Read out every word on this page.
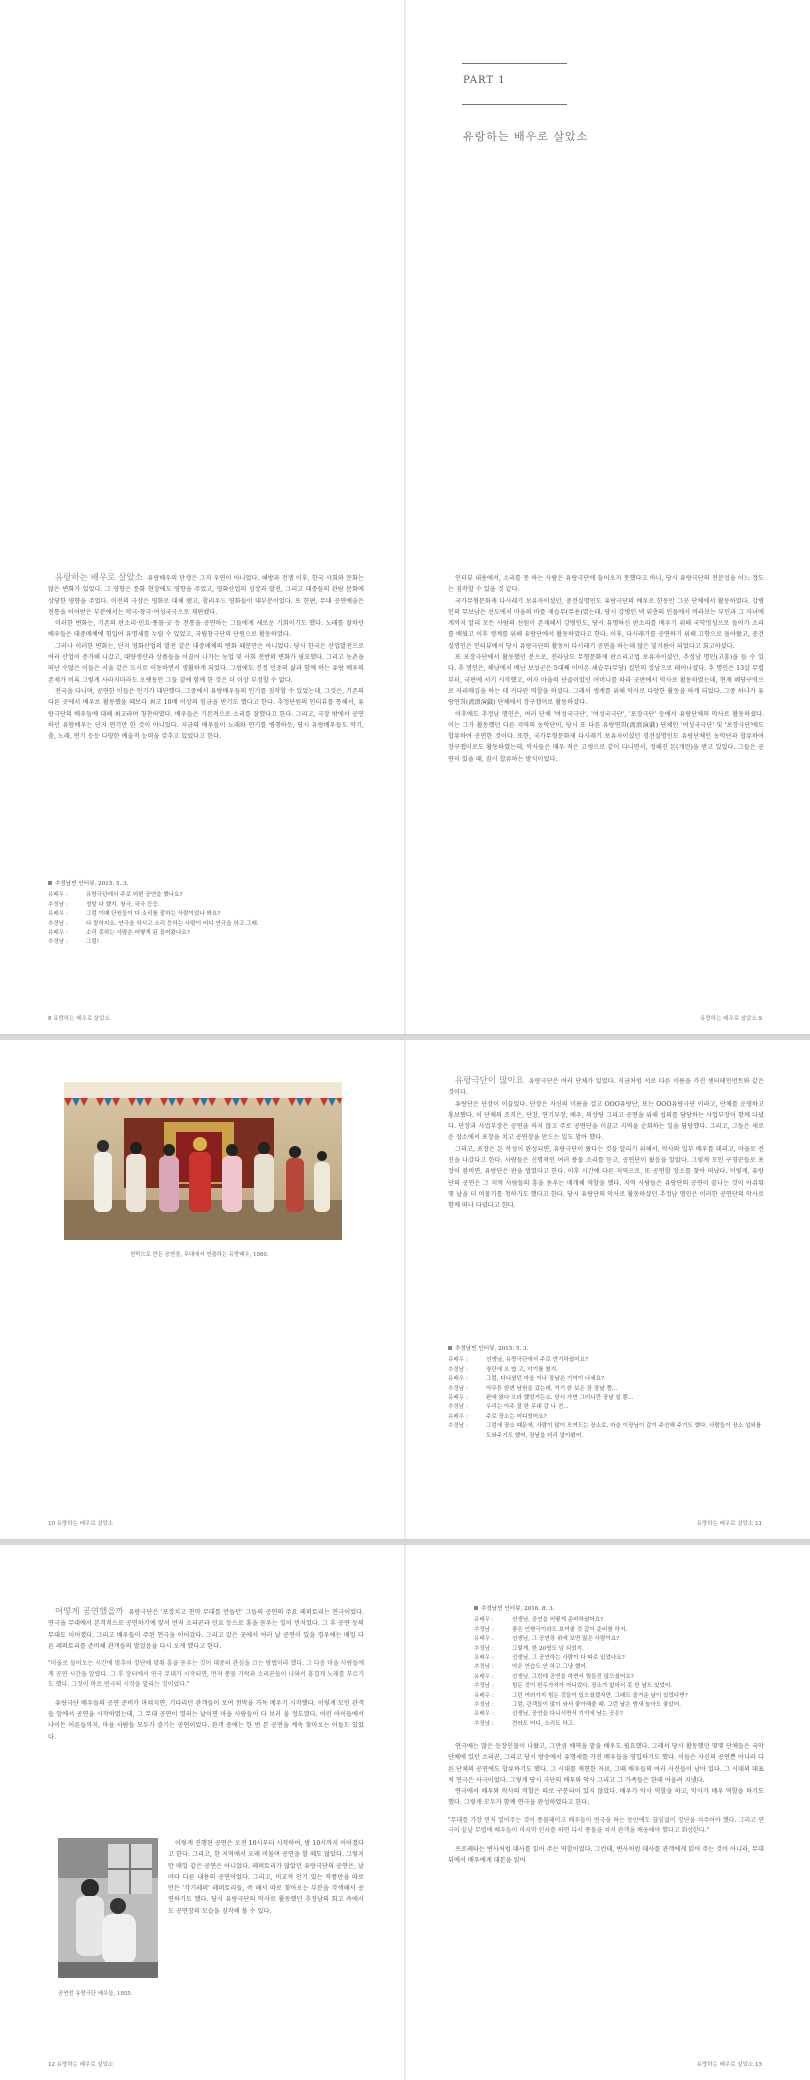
유랑하는 배우로 살았소 유랑배우의 탄생은 그저 우연이 아니었다. 해방과 전쟁 이후, 한국 사회와 문화는 많은 변화가 있었다. 그 영향은 문화 현장에도 영향을 주었고, 영화산업의 성장과 발전, 그리고 대중들의 관람 문화에 상당한 영향을 주었다. 이전의 극장은 영화로 대체 됐고, 할리우드 영화들이 대부분이었다. 또 한편, 무대 공연예술은 전통을 이어받은 부분에서는 악극·창극·여성국극으로 재편됐다.

이러한 변화는, 기존의 판소리·민요·풍물·굿 등 전통을 공연하는 그들에게 새로운 기회이기도 했다. 노래를 잘하던 배우들은 대중매체에 힘입어 유명세를 누릴 수 있었고, 국립창극단의 단원으로 활동하였다.

그러나 이러한 변화는, 단지 영화산업의 발전 같은 대중매체의 변화 때문만은 아니었다. 당시 한국은 산업발전으로 여러 산업이 증가해 나갔고, 대량생산과 상품들을 이끌어 나가는 농업 및 사회 전반의 변화가 필요했다. 그리고 농촌을 떠난 수많은 이들은 서울 같은 도시로 이동하면서 생활하게 되었다. 그럼에도 진정 민중의 삶과 함께 하는 유랑 배우의 존재가 비록 그렇게 사라지더라도 오랫동안 그들 곁에 함께 한 것은 더 이상 부정할 수 없다.

전국을 다니며, 공연한 이들은 인기가 대단했다. 그중에서 유랑배우들의 인기를 짐작할 수 있었는데, 그것은, 기존의 다른 곳에서 배우로 활동했을 때보다 최고 10배 이상의 임금을 받기도 했다고 한다. 추정단원의 인터뷰를 통해서, 유랑극단의 배우들에 대해 최고라며 칭찬하였다. 배우들은 기본적으로 소리를 잘했다고 한다. 그리고, 극장 밖에서 공연하던 유랑배우는 단지 연기만 한 것이 아니었다. 지금의 배우들이 노래와 연기를 병행하듯, 당시 유랑배우들도 악기, 춤, 노래, 연기 등등 다양한 예술적 능력을 갖추고 있었다고 한다.

추정남빈 인터뷰, 2015. 5. 3.
유배우 :	유랑극단에서 주로 어떤 공연을 했나요?
추정남 :	정말 다 했지. 창극, 국극 등등.
유배우 :	그럼 이때 단원들이 다 소리를 잘하는 사람이었나 봐요?
추정남 :	다 잘하지요. 연극을 하시고 소리 등하는 사람이 어디 연극을 하고 그래.
유배우 :	소리 못하는 사람은 어떻게 된 들어왔나요?
추정남 :	그럼!
8 유랑하는 배우로 살았소
PART 1
유랑하는 배우로 살았소

인터뷰 내용에서, 소리를 못 하는 사람은 유랑극단에 들어오지 못했다고 하니, 당시 유랑극단의 전문성을 어느 정도는 짐작할 수 있을 것 같다.

국가무형문화재 다시래기 보유자이셨던, 중견실명인도 유랑극단의 배우로 한동안 그곳 단체에서 활동하였다. 강병인의 무보남은 선도에서 마을의 바를 제습무(무용)였는데, 당시 강병인 넥 위층의 인물에서 바라보는 부인과 그 자녀에게까지 알리 모든 사람의 선원이 존재해서 강병인도, 당시 유명하신 판소리를 배우기 위해 국악영성으로 들어가 소리를 배웠고 이후 생계를 위해 유랑단에서 활동하였다고 한다. 이후, 다시래기를 공연하기 위해 고향으로 돌아왔고, 중견실명인은 인터뷰에서 당시 유랑극단의 활동이 다시래기 공연을 하는데 많은 밑거름이 되었다고 회고하셨다.

또 포장극단에서 활동했던 분으로, 전라남도 무형문화재 판소리고법 보유자이셨던, 추정남 명인(고흥)을 들 수 있다. 추 명인은, 해남에서 배난 보성군은 5대째 이어온 세습무(무당) 집안의 장남으로 태어나셨다. 추 명인은 13살 무렵부터, 국판에 서기 시작했고, 여자 마을의 단골이었던 어머니를 따라 굿판에서 악사로 활동하였는데, 현재 해당구역으로 자리매김을 하는 데 커다란 역할을 하셨다. 그래서 생계를 위해 악사로 다양한 활동을 하게 되었다. 그중 하나가 유랑연희(流浪演戱) 단체에서 장구잽이로 활동하셨다.

이후에도 추정남 명인은, 여러 단체 '여성국극단', '여성국극단', '포장극단' 등에서 유랑단체의 악사로 활동하셨다. 이는 그가 활동했던 다른 지역의 농악단이, 당시 또 다른 유랑연희(流浪演戱) 단체인 '여성국극단' 및 '포장극단'에도 합류하여 공연한 것이다. 또한, 국가무형문화재 다시래기 보유자이셨던 경견실명인도 유랑단체인 농악단과 합류하여 장구잽이로도 활동하였는데, 악사들은 매우 적은 고생으로 같이 다니면서, 정해진 돈(개런)을 받고 있었다. 그들은 공연이 있을 때, 잠시 합류하는 방식이었다.

유랑하는 배우로 살았소 9
천막으로 만든 공연장, 무대에서 연출하는 유랑배우, 1980.
10 유랑하는 배우로 살았소

유랑극단이 많이요 유랑극단은 여러 단체가 있었다. 지금처럼 서로 다른 이름을 가진 센터테인먼트와 같은 것이다.

유랑단은 단장이 이끌었다. 단장은 자신의 이름을 걸고 OOO유랑단, 또는 OOO유랑극단 이라고, 단체를 운영하고 홍보했다. 이 단체의 조직은, 단장, 연기부장, 배우, 의상팀 그리고 공연을 위해 섭외를 담당하는 사업부장이 함께 다녔다. 단장과 사업부장은 공연을 하지 않고 주로 공연단을 이끌고 지역을 순회하는 일을 담당했다. 그리고, 그들은 새로운 장소에서 포장을 치고 공연장을 만드는 일도 맡아 했다.

그리고, 포장은 돈 작성이 완성되면, 유랑극단이 왔다는 것을 알리기 위해서, 악사와 일부 배우를 데리고, 마을로 전진을 나갔다고 한다. 사람들은 신명적인 여러 풍물 소리를 듣고, 공연단이 왔음을 알았다. 그렇게 모인 구경꾼들로 포장이 붐비면, 유랑단은 판을 벌였다고 한다. 이후 시간에 다른 지역으로, 또 공연할 장소를 찾아 떠났다. 이렇게, 유랑단의 공연은 그 지역 사람들의 흥을 돋우는 매개체 역할을 했다. 지역 사람들은 유랑단의 공연이 끝나는 것이 아쉬워 몇 날을 더 머물기를 청하기도 했다고 한다. 당시 유랑단의 악사로 활동하셨던 추정남 명인은 이러한 공연단의 악사로 함께 떠나 다녔다고 한다.

추정남빈 인터뷰, 2015. 5. 3.
유배우 :	선생님, 유랑극단에서 주로 연기하셨어요?
추정남 :	장단에 오 밥 고, 악기를 쳤지.
유배우 :	그럼, 다니셨던 마을 이나 장날은 기억이 나세요?
추정남 :	아무튼 한번 남원을 갔는데, 거기 한 보은 장 장날 쯤...
유배우 :	판에 왔다 오라 했었거든요. 당시 가면 그러니깐 장날 일 뿐...
추정남 :	우리는 아주 잘 한 무대 갈 나 전...
유배우 :	주로 장소는 어디었어요?
추정남 :	그럼에 장소 때문에, 사람이 많이 모여드는 장소로. 마을 이장님이 같이 주선해 주기도 했다. 사람들이 장소 섭외를 도와주기도 했어, 장날을 미리 알아봤어.
유랑하는 배우로 살았소 11

어떻게 공연했을까 유랑극단은 '포장치고 천막 무대를 만들던' 그들의 공연의 주요 레퍼토리는 연극이었다. 연극을 무대에서 본격적으로 공연하기에 앞서 먼저 소리꾼과 민요 등으로 흥을 돋우는 일이 먼저였다. 그 후 공연 등의 무대도 이어졌다. 그리고 배우들이 주된 연극을 이어갔다. 그리고 같은 곳에서 여러 날 공연이 있을 경우에는 매일 다른 레퍼토리를 준비해 관객들의 발걸음을 다시 오게 했다고 한다.

"마을로 들어오는 시간에 맞추어 장단에 맞춰 흥을 돋우는 것이 대중의 관심을 끄는 방법이라 했다. 그 다음 마을 사람들에게 공연 시간을 알렸다. 그 후 장터에서 연극 무대가 시작되면, 먼저 풍물 가락과 소리꾼들이 나와서 흥겹게 노래를 부르기도 했다. 그것이 바로 연극의 시작을 알리는 것이었다."

유랑극단 배우들의 공연 준비가 마쳐지면, 기다리던 관객들이 모여 천막을 가득 메우기 시작했다. 이렇게 모인 관객들 앞에서 공연을 시작하였는데, 그 무대 공연이 열리는 날이면 마을 사람들이 다 보러 올 정도였다. 어린 아이들에서 나이든 어른들까지, 마을 사람들 모두가 즐기는 공연이었다. 관객 중에는 한 번 본 공연을 계속 찾아오는 이들도 있었다.

이렇게 진행된 공연은 오전 10시부터 시작하여, 밤 10시까지 이어졌다고 한다. 그리고, 한 지역에서 오래 머물며 공연을 할 때도 많았다. 그렇지만 매일 같은 공연은 아니었다. 레퍼토리가 많았던 유랑극단의 공연은, 날마다 다른 내용의 공연이었다. 그리고, 비교적 인기 있는 작품만을 따로 만든 '각기레퍼' 레퍼토리들, 즉 해서 따로 찾아오는 부분을 각색해서 공연하기도 했다. 당시 유랑극단의 악사로 활동했던 추정남의 회고 속에서도 공연장의 모습을 짐작해 볼 수 있다.

공연전 유랑극단 배우들, 1955.
12 유랑하는 배우로 살았소
추정남빈 인터뷰, 2016. 8. 3.
유배우 :	선생님, 공연을 어떻게 준비하셨어요?
추정남 :	좋은 인형극이라도 보여줄 것 같이 준비를 하지.
유배우 :	선생님, 그 공연장 위에 보면 많은 사람이요?
추정남 :	그렇게, 한 20명도 넘 되었지.
유배우 :	선생님, 그 공연하는 사람이 다 따로 있었나요?
추정남 :	악은 연습도 안 하고 그냥 했어.
유배우 :	선생님, 그런데 공연을 하면서 힘들진 않으셨어요?
추정남 :	힘든 것이 한두가지가 아니었다. 장소가 없어서 못 한 날도 있었어.
유배우 :	그런 여러가지 힘든 것들이 있으셨겠지만, 그래도 즐거운 날이 있었다면?
추정남 :	그럼, 관객들이 많이 와서 좋아해줄 때. 그런 날은 밤새 놀아도 좋았어.
유배우 :	선생님, 공연을 다니시면서 기억에 남는 곳은?
추정남 :	전라도 어디, 소리도 하고.

연극에는 많은 등장인물이 나왔고, 그만큼 배역을 맡을 배우도 필요했다. 그래서 당시 활동했던 몇몇 단체들은 국악단체에 있던 소리꾼, 그리고 당시 방송에서 유명세를 가진 배우들을 영입하기도 했다. 이들은 자신의 공연뿐 아니라 다른 단체의 공연에도 합류하기도 했다. 그 시대를 재현한 자료, 그때 배우들의 여러 사진들이 남아 있다. 그 시대의 대표적 연극은 사극이었다. 그렇게 당시 극단의 배우와 악사 그리고 그 가족들은 한데 어울려 지냈다.

연극에서 배우와 악사의 역할은 따로 구분되어 있지 않았다. 배우가 악사 역할을 하고, 악사가 배우 역할을 하기도 했다. 그렇게 모두가 함께 연극을 완성하였다고 한다.

"무대를 가장 먼저 열어주는 것이 풍물패이고 배우들이 연극을 하는 동안에도 끊임없이 장단을 쳐주어야 했다. 그리고 연극이 끝날 무렵에 배우들이 마지막 인사를 하면 다시 풍물을 쳐서 관객을 배웅해야 했다고 회상한다."

프로레타는 변사처럼 대사를 읽어 주는 역할이었다. 그런데, 변사처럼 대사를 관객에게 읽어 주는 것이 아니라, 무대 뒤에서 배우에게 대본을 읽어

유랑하는 배우로 살았소 13
